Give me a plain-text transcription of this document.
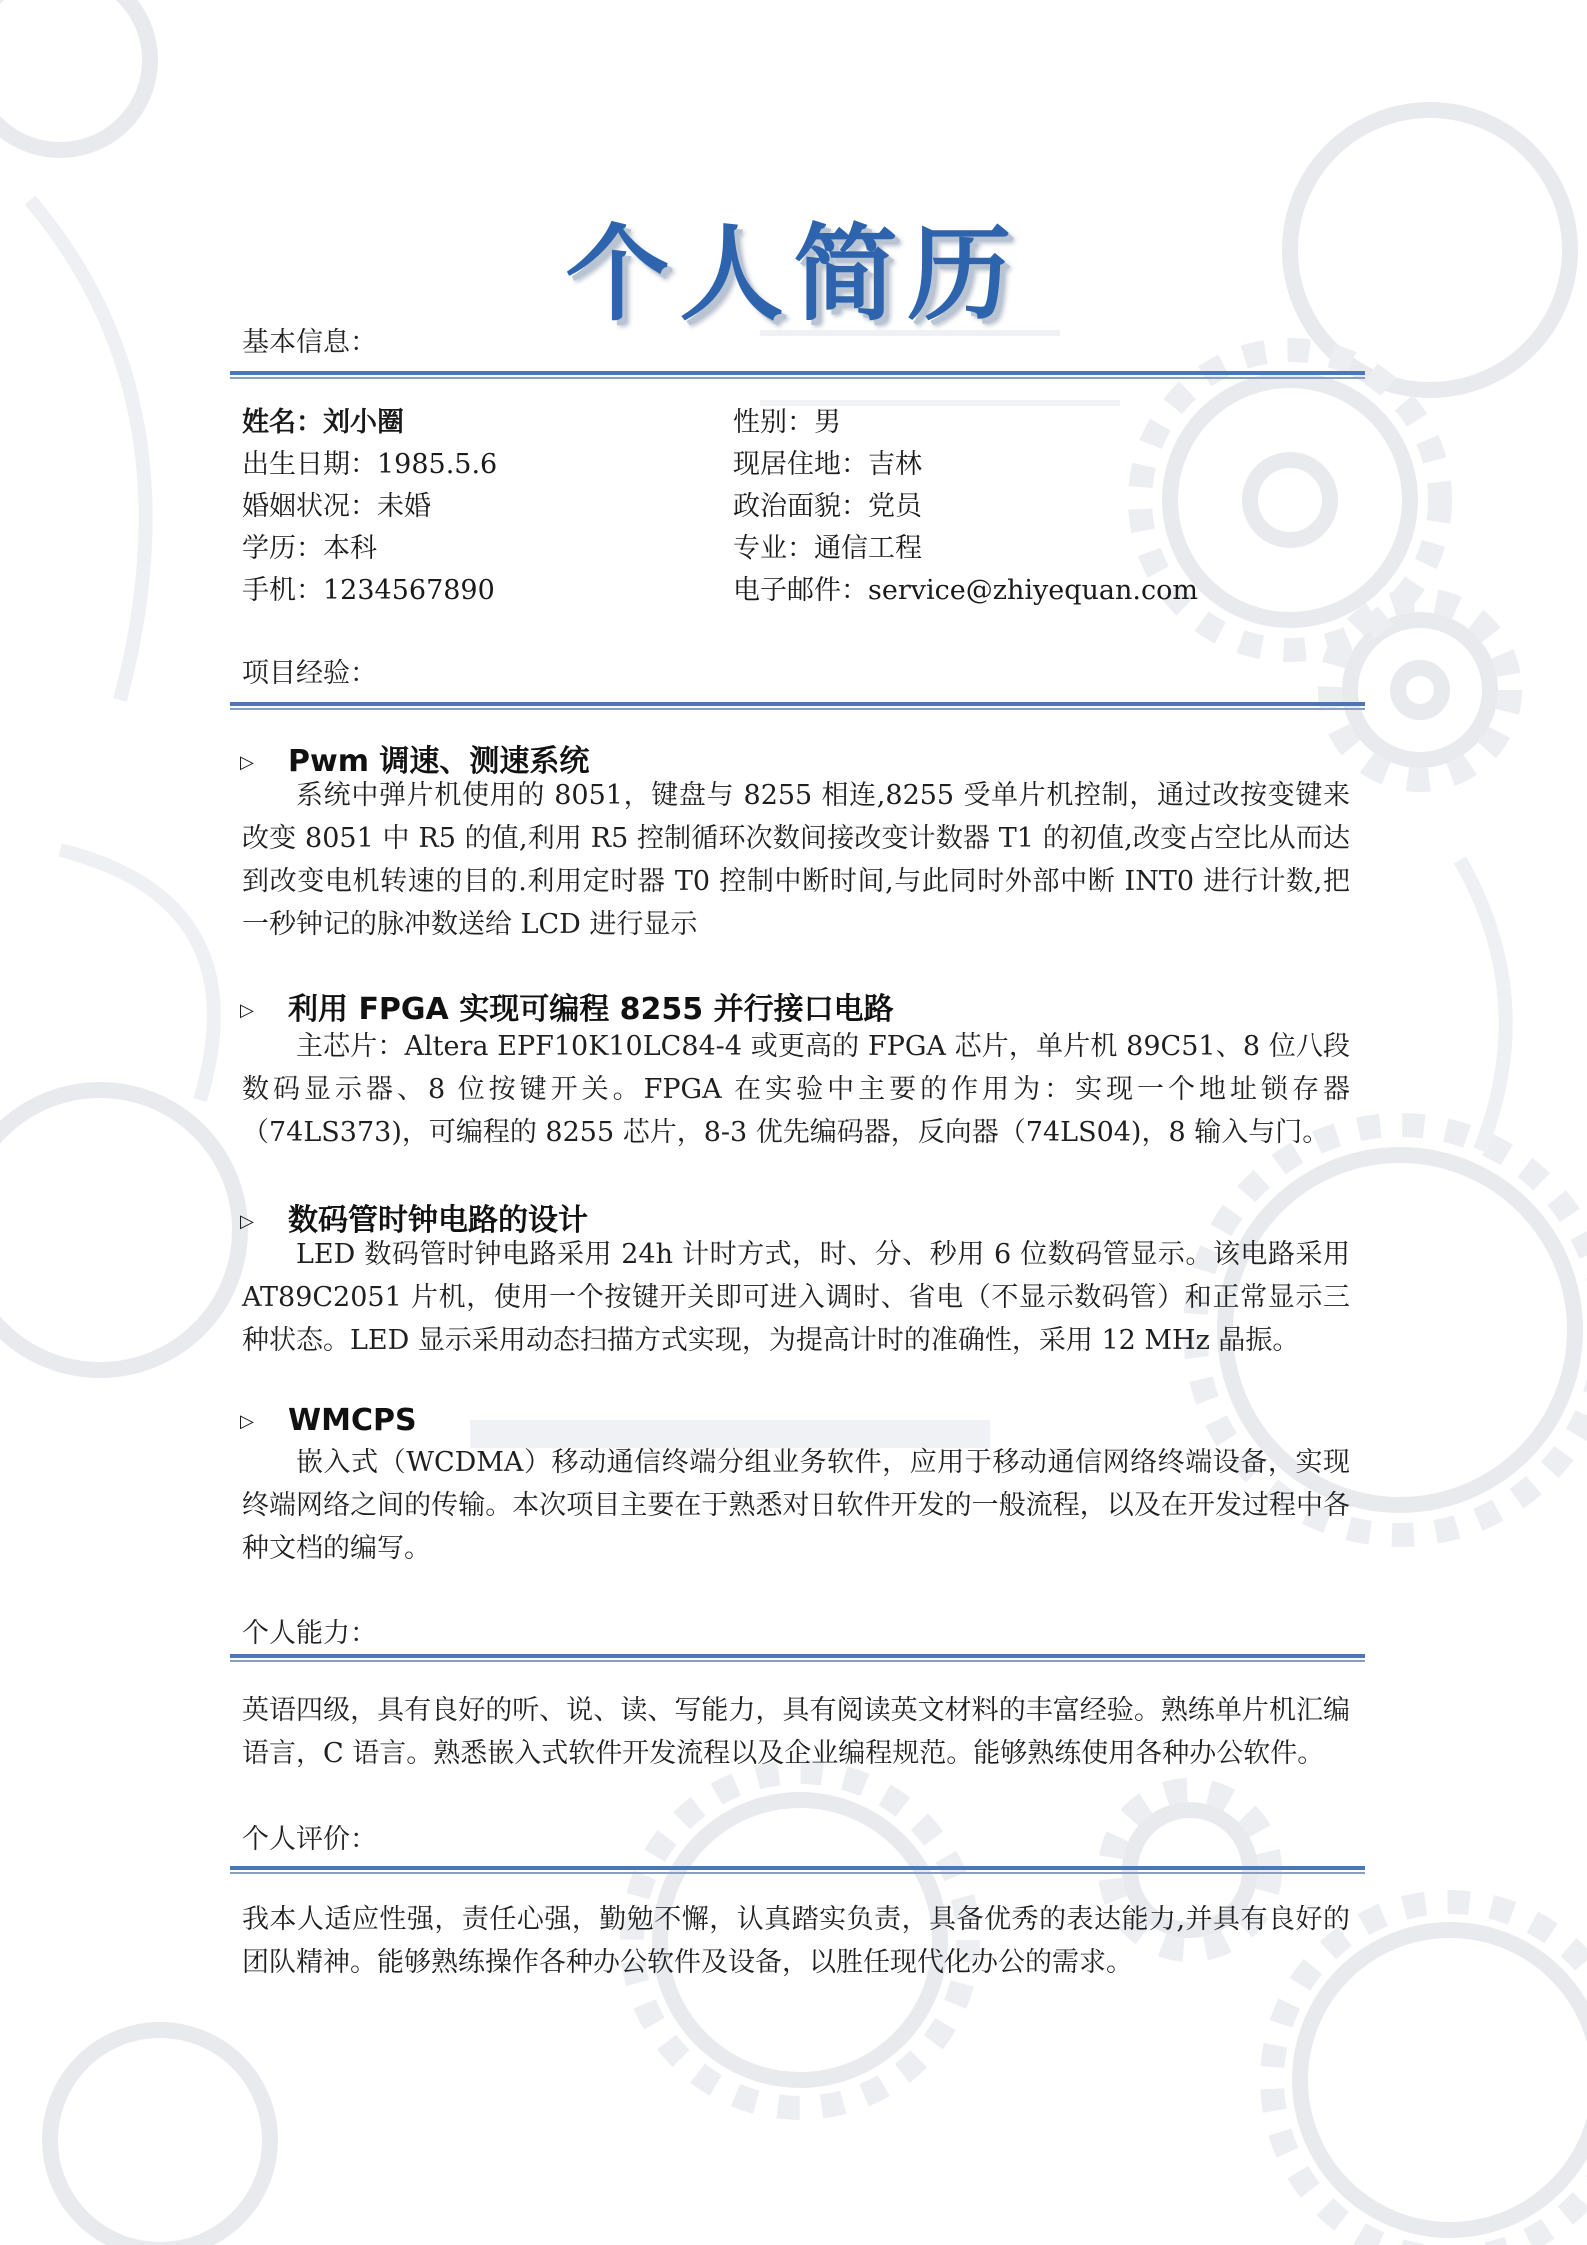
个人简历
基本信息：
姓名：刘小圈
出生日期：1985.5.6
婚姻状况：未婚
学历：本科
手机：1234567890
性别：男
现居住地：吉林
政治面貌：党员
专业：通信工程
电子邮件：service@zhiyequan.com
项目经验：
▷ Pwm 调速、测速系统
系统中弹片机使用的 8051，键盘与 8255 相连,8255 受单片机控制，通过改按变键来改变 8051 中 R5 的值,利用 R5 控制循环次数间接改变计数器 T1 的初值,改变占空比从而达到改变电机转速的目的.利用定时器 T0 控制中断时间,与此同时外部中断 INT0 进行计数,把一秒钟记的脉冲数送给 LCD 进行显示
▷ 利用 FPGA 实现可编程 8255 并行接口电路
主芯片：Altera EPF10K10LC84-4 或更高的 FPGA 芯片，单片机 89C51、8 位八段数码显示器、8 位按键开关。FPGA 在实验中主要的作用为：实现一个地址锁存器（74LS373)，可编程的 8255 芯片，8-3 优先编码器，反向器（74LS04)，8 输入与门。
▷ 数码管时钟电路的设计
LED 数码管时钟电路采用 24h 计时方式，时、分、秒用 6 位数码管显示。该电路采用 AT89C2051 片机，使用一个按键开关即可进入调时、省电（不显示数码管）和正常显示三种状态。LED 显示采用动态扫描方式实现，为提高计时的准确性，采用 12 MHz 晶振。
▷ WMCPS
嵌入式（WCDMA）移动通信终端分组业务软件，应用于移动通信网络终端设备，实现终端网络之间的传输。本次项目主要在于熟悉对日软件开发的一般流程，以及在开发过程中各种文档的编写。
个人能力：
英语四级，具有良好的听、说、读、写能力，具有阅读英文材料的丰富经验。熟练单片机汇编语言，C 语言。熟悉嵌入式软件开发流程以及企业编程规范。能够熟练使用各种办公软件。
个人评价：
我本人适应性强，责任心强，勤勉不懈，认真踏实负责，具备优秀的表达能力,并具有良好的团队精神。能够熟练操作各种办公软件及设备，以胜任现代化办公的需求。
